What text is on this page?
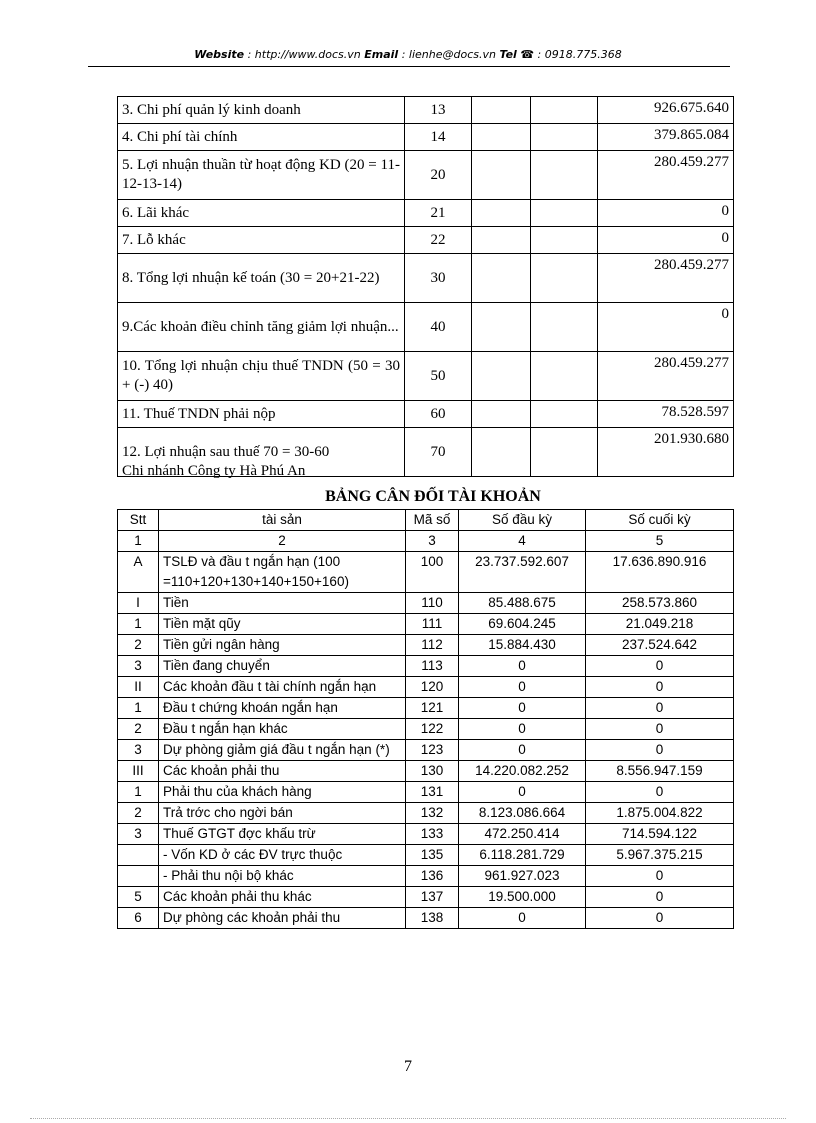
Website : http://www.docs.vn Email : lienhe@docs.vn Tel ☎ : 0918.775.368
3. Chi phí quản lý kinh doanh	13			926.675.640
4. Chi phí tài chính	14			379.865.084
5. Lợi nhuận thuần từ hoạt động KD (20 = 11-12-13-14)	20			280.459.277
6. Lãi khác	21			0
7. Lỗ khác	22			0
8. Tổng lợi nhuận kế toán (30 = 20+21-22)	30			280.459.277
9.Các khoản điều chỉnh tăng giảm lợi nhuận...	40			0
10. Tổng lợi nhuận chịu thuế TNDN (50 = 30 + (-) 40)	50			280.459.277
11. Thuế TNDN phải nộp	60			78.528.597
12. Lợi nhuận sau thuế 70 = 30-60	70			201.930.680
Chi nhánh Công ty Hà Phú An
BẢNG CÂN ĐỐI TÀI KHOẢN
Stt	tài sản	Mã số	Số đầu kỳ	Số cuối kỳ
1	2	3	4	5
A	TSLĐ và đầu t ngắn hạn (100 =110+120+130+140+150+160)	100	23.737.592.607	17.636.890.916
I	Tiền	110	85.488.675	258.573.860
1	Tiền mặt qũy	111	69.604.245	21.049.218
2	Tiền gửi ngân hàng	112	15.884.430	237.524.642
3	Tiền đang chuyển	113	0	0
II	Các khoản đầu t tài chính ngắn hạn	120	0	0
1	Đầu t chứng khoán ngắn hạn	121	0	0
2	Đầu t ngắn hạn khác	122	0	0
3	Dự phòng giảm giá đầu t ngắn hạn (*)	123	0	0
III	Các khoản phải thu	130	14.220.082.252	8.556.947.159
1	Phải thu của khách hàng	131	0	0
2	Trả trớc cho ngời bán	132	8.123.086.664	1.875.004.822
3	Thuế GTGT đợc khấu trừ	133	472.250.414	714.594.122
	- Vốn KD ở các ĐV trực thuộc	135	6.118.281.729	5.967.375.215
	- Phải thu nội bộ khác	136	961.927.023	0
5	Các khoản phải thu khác	137	19.500.000	0
6	Dự phòng các khoản phải thu	138	0	0
7
